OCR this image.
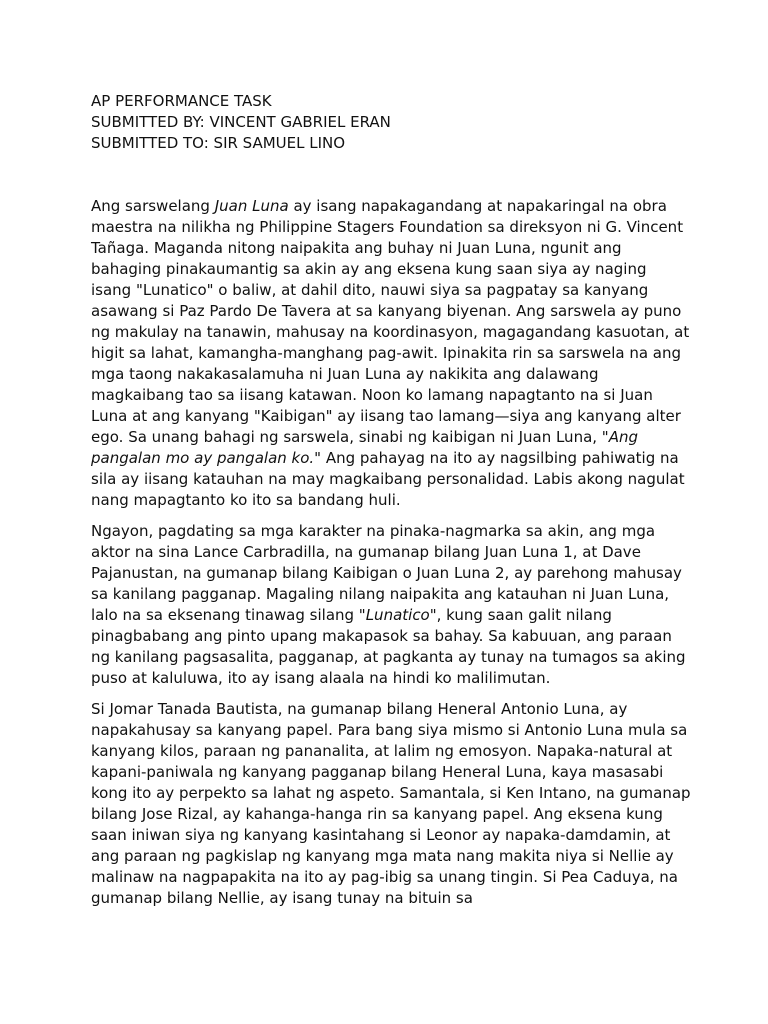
AP PERFORMANCE TASK
SUBMITTED BY: VINCENT GABRIEL ERAN
SUBMITTED TO: SIR SAMUEL LINO

Ang sarswelang Juan Luna ay isang napakagandang at napakaringal na obra maestra na nilikha ng Philippine Stagers Foundation sa direksyon ni G. Vincent Tañaga. Maganda nitong naipakita ang buhay ni Juan Luna, ngunit ang bahaging pinakaumantig sa akin ay ang eksena kung saan siya ay naging isang "Lunatico" o baliw, at dahil dito, nauwi siya sa pagpatay sa kanyang asawang si Paz Pardo De Tavera at sa kanyang biyenan. Ang sarswela ay puno ng makulay na tanawin, mahusay na koordinasyon, magagandang kasuotan, at higit sa lahat, kamangha-manghang pag-awit. Ipinakita rin sa sarswela na ang mga taong nakakasalamuha ni Juan Luna ay nakikita ang dalawang magkaibang tao sa iisang katawan. Noon ko lamang napagtanto na si Juan Luna at ang kanyang "Kaibigan" ay iisang tao lamang—siya ang kanyang alter ego. Sa unang bahagi ng sarswela, sinabi ng kaibigan ni Juan Luna, "Ang pangalan mo ay pangalan ko." Ang pahayag na ito ay nagsilbing pahiwatig na sila ay iisang katauhan na may magkaibang personalidad. Labis akong nagulat nang mapagtanto ko ito sa bandang huli.

Ngayon, pagdating sa mga karakter na pinaka-nagmarka sa akin, ang mga aktor na sina Lance Carbradilla, na gumanap bilang Juan Luna 1, at Dave Pajanustan, na gumanap bilang Kaibigan o Juan Luna 2, ay parehong mahusay sa kanilang pagganap. Magaling nilang naipakita ang katauhan ni Juan Luna, lalo na sa eksenang tinawag silang "Lunatico", kung saan galit nilang pinagbabang ang pinto upang makapasok sa bahay. Sa kabuuan, ang paraan ng kanilang pagsasalita, pagganap, at pagkanta ay tunay na tumagos sa aking puso at kaluluwa, ito ay isang alaala na hindi ko malilimutan.

Si Jomar Tanada Bautista, na gumanap bilang Heneral Antonio Luna, ay napakahusay sa kanyang papel. Para bang siya mismo si Antonio Luna mula sa kanyang kilos, paraan ng pananalita, at lalim ng emosyon. Napaka-natural at kapani-paniwala ng kanyang pagganap bilang Heneral Luna, kaya masasabi kong ito ay perpekto sa lahat ng aspeto. Samantala, si Ken Intano, na gumanap bilang Jose Rizal, ay kahanga-hanga rin sa kanyang papel. Ang eksena kung saan iniwan siya ng kanyang kasintahang si Leonor ay napaka-damdamin, at ang paraan ng pagkislap ng kanyang mga mata nang makita niya si Nellie ay malinaw na nagpapakita na ito ay pag-ibig sa unang tingin. Si Pea Caduya, na gumanap bilang Nellie, ay isang tunay na bituin sa
